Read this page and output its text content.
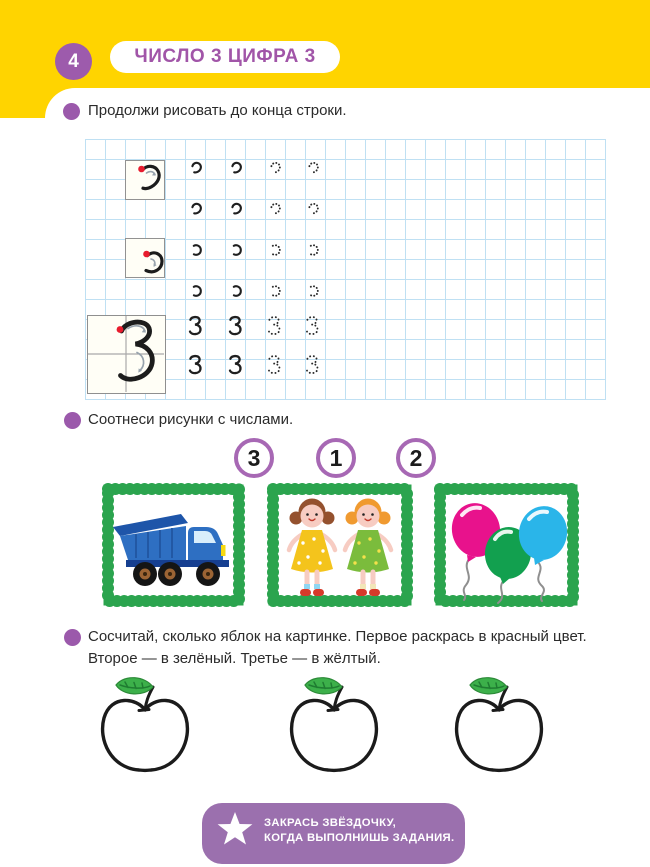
4	ЧИСЛО 3 ЦИФРА 3
Продолжи рисовать до конца строки.
Соотнеси рисунки с числами.
3	1	2
Сосчитай, сколько яблок на картинке. Первое раскрась в красный цвет.
Второе — в зелёный. Третье — в жёлтый.
ЗАКРАСЬ ЗВЁЗДОЧКУ,
КОГДА ВЫПОЛНИШЬ ЗАДАНИЯ.
